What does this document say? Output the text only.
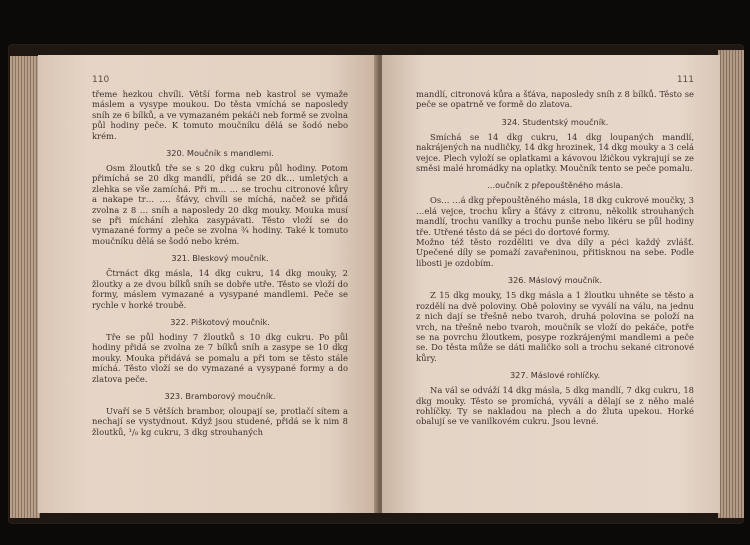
110

třeme hezkou chvíli. Větší forma neb kastrol se vymaže máslem a vysype moukou. Do těsta vmíchá se naposledy sníh ze 6 bílků, a ve vymazaném pekáči neb formě se zvolna půl hodiny peče. K tomuto moučníku dělá se šodó nebo krém.

320. Moučník s mandlemi.

Osm žloutků tře se s 20 dkg cukru půl hodiny. Potom přimíchá se 20 dkg mandlí, přidá se 20 dk… umletých a zlehka se vše zamíchá. Při m… … se trochu citronové kůry a nakape tr… …. šťávy, chvíli se míchá, načež se přidá zvolna z 8 … sníh a naposledy 20 dkg mouky. Mouka musí se při míchání zlehka zasypávati. Těsto vloží se do vymazané formy a peče se zvolna ¾ hodiny. Také k tomuto moučníku dělá se šodó nebo krém.

321. Bleskový moučník.

Čtrnáct dkg másla, 14 dkg cukru, 14 dkg mouky, 2 žloutky a ze dvou bílků sníh se dobře utře. Těsto se vloží do formy, máslem vymazané a vysypané mandlemi. Peče se rychle v horké troubě.

322. Piškotový moučník.

Tře se půl hodiny 7 žloutků s 10 dkg cukru. Po půl hodiny přidá se zvolna ze 7 bílků sníh a zasype se 10 dkg mouky. Mouka přidává se pomalu a při tom se těsto stále míchá. Těsto vloží se do vymazané a vysypané formy a do zlatova peče.

323. Bramborový moučník.

Uvaří se 5 větších brambor, oloupají se, protlačí sítem a nechají se vystydnout. Když jsou studené, přidá se k nim 8 žloutků, ¹/₈ kg cukru, 3 dkg strouhaných

111

mandlí, citronová kůra a šťáva, naposledy sníh z 8 bílků. Těsto se peče se opatrně ve formě do zlatova.

324. Studentský moučník.

Smíchá se 14 dkg cukru, 14 dkg loupaných mandlí, nakrájených na nudličky, 14 dkg hrozinek, 14 dkg mouky a 3 celá vejce. Plech vyloží se oplatkami a kávovou lžičkou vykrajují se ze směsi malé hromádky na oplatky. Moučník tento se peče pomalu.

…oučník z přepouštěného másla.

Os… …á dkg přepouštěného másla, 18 dkg cukrové moučky, 3 …elá vejce, trochu kůry a šťávy z citronu, několik strouhaných mandlí, trochu vanilky a trochu punše nebo likéru se půl hodiny tře. Utřené těsto dá se péci do dortové formy.
Možno též těsto rozděliti ve dva díly a péci každý zvlášť. Upečené díly se pomaží zavařeninou, přitisknou na sebe. Podle libosti je ozdobím.

326. Máslový moučník.

Z 15 dkg mouky, 15 dkg másla a 1 žloutku uhněte se těsto a rozdělí na dvě poloviny. Obě poloviny se vyválí na válu, na jednu z nich dají se třešně nebo tvaroh, druhá polovina se položí na vrch, na třešně nebo tvaroh, moučník se vloží do pekáče, potře se na povrchu žloutkem, posype rozkrájenými mandlemi a peče se. Do těsta může se dáti maličko soli a trochu sekané citronové kůry.

327. Máslové rohlíčky.

Na vál se odváží 14 dkg másla, 5 dkg mandlí, 7 dkg cukru, 18 dkg mouky. Těsto se promíchá, vyválí a dělají se z něho malé rohlíčky. Ty se nakladou na plech a do žluta upekou. Horké obalují se ve vanilkovém cukru. Jsou levné.
